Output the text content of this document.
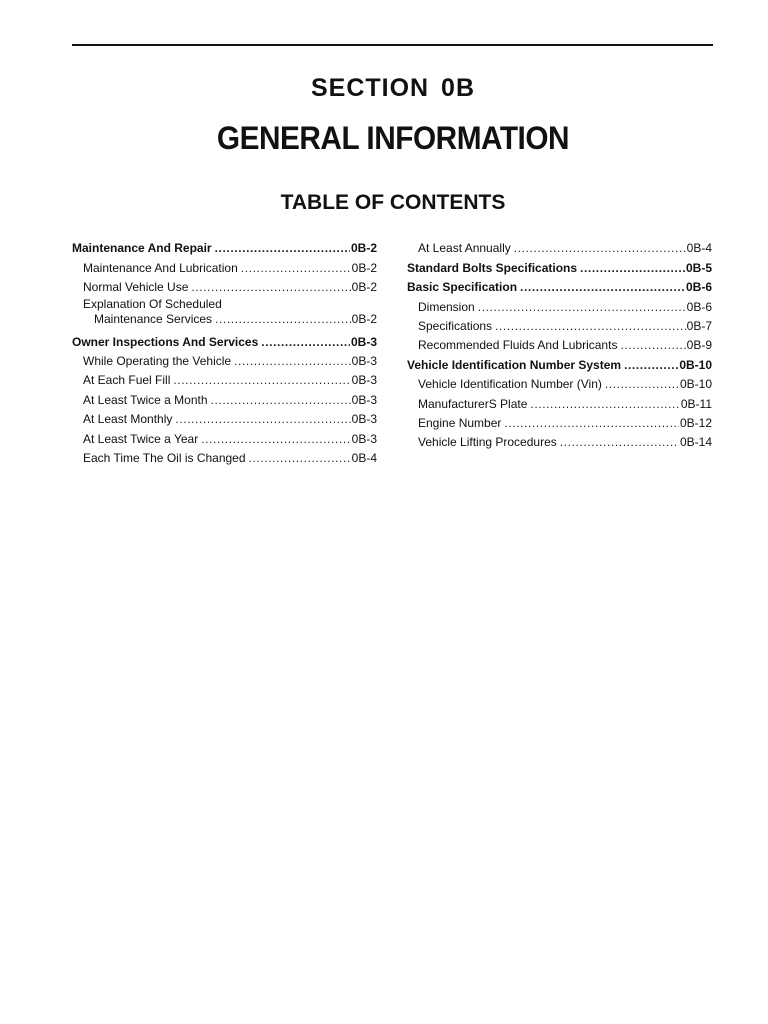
SECTION 0B
GENERAL INFORMATION
TABLE OF CONTENTS
Maintenance And Repair .....	0B-2
Maintenance And Lubrication .....	0B-2
Normal Vehicle Use .....	0B-2
Explanation Of Scheduled
Maintenance Services .....	0B-2
Owner Inspections And Services .....	0B-3
While Operating the Vehicle .....	0B-3
At Each Fuel Fill .....	0B-3
At Least Twice a Month .....	0B-3
At Least Monthly .....	0B-3
At Least Twice a Year .....	0B-3
Each Time The Oil is Changed .....	0B-4
At Least Annually .....	0B-4
Standard Bolts Specifications .....	0B-5
Basic Specification .....	0B-6
Dimension .....	0B-6
Specifications .....	0B-7
Recommended Fluids And Lubricants .....	0B-9
Vehicle Identification Number System .....	0B-10
Vehicle Identification Number (Vin) .....	0B-10
ManufacturerS Plate .....	0B-11
Engine Number .....	0B-12
Vehicle Lifting Procedures .....	0B-14
